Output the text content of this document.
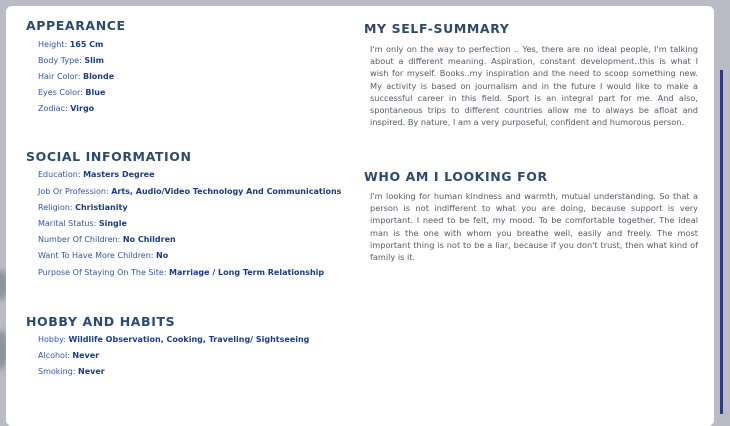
APPEARANCE
Height: 165 Cm
Body Type: Slim
Hair Color: Blonde
Eyes Color: Blue
Zodiac: Virgo
SOCIAL INFORMATION
Education: Masters Degree
Job Or Profession: Arts, Audio/Video Technology And Communications
Religion: Christianity
Marital Status: Single
Number Of Children: No Children
Want To Have More Children: No
Purpose Of Staying On The Site: Marriage / Long Term Relationship
HOBBY AND HABITS
Hobby: Wildlife Observation, Cooking, Traveling/ Sightseeing
Alcohol: Never
Smoking: Never
MY SELF-SUMMARY

I'm only on the way to perfection .. Yes, there are no ideal people, I'm talking about a different meaning. Aspiration, constant development..this is what I wish for myself. Books..my inspiration and the need to scoop something new. My activity is based on journalism and in the future I would like to make a successful career in this field. Sport is an integral part for me. And also, spontaneous trips to different countries allow me to always be afloat and inspired. By nature, I am a very purposeful, confident and humorous person.

WHO AM I LOOKING FOR

I'm looking for human kindness and warmth, mutual understanding. So that a person is not indifferent to what you are doing, because support is very important. I need to be felt, my mood. To be comfortable together. The ideal man is the one with whom you breathe well, easily and freely. The most important thing is not to be a liar, because if you don't trust, then what kind of family is it.
